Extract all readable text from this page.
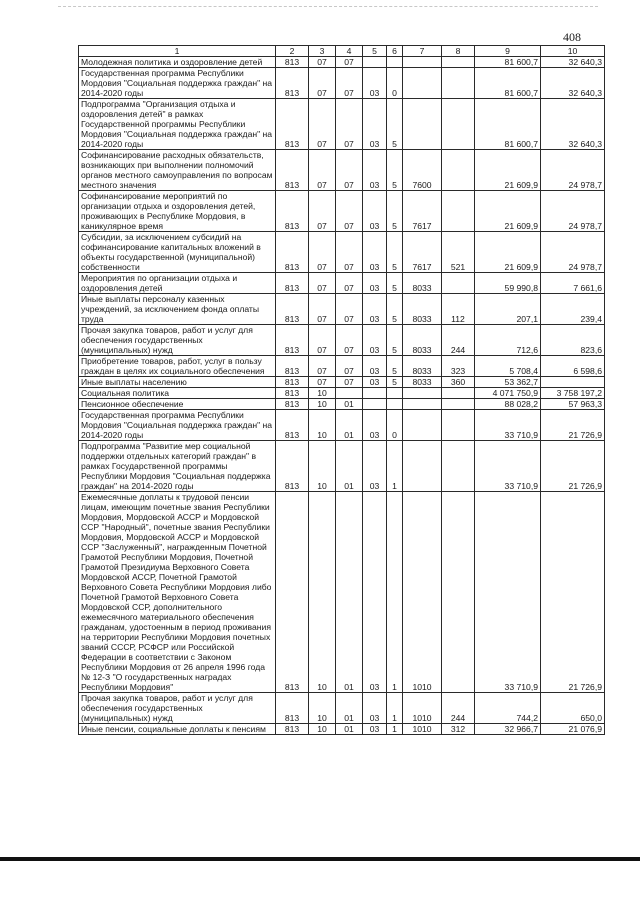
408
1	2	3	4	5	6	7	8	9	10
Молодежная политика и оздоровление детей	813	07	07					81 600,7	32 640,3
Государственная программа Республики Мордовия "Социальная поддержка граждан" на 2014-2020 годы	813	07	07	03	0			81 600,7	32 640,3
Подпрограмма "Организация отдыха и оздоровления детей" в рамках Государственной программы Республики Мордовия "Социальная поддержка граждан" на 2014-2020 годы	813	07	07	03	5			81 600,7	32 640,3
Софинансирование расходных обязательств, возникающих при выполнении полномочий органов местного самоуправления по вопросам местного значения	813	07	07	03	5	7600		21 609,9	24 978,7
Софинансирование мероприятий по организации отдыха и оздоровления детей, проживающих в Республике Мордовия, в каникулярное время	813	07	07	03	5	7617		21 609,9	24 978,7
Субсидии, за исключением субсидий на софинансирование капитальных вложений в объекты государственной (муниципальной) собственности	813	07	07	03	5	7617	521	21 609,9	24 978,7
Мероприятия по организации отдыха и оздоровления детей	813	07	07	03	5	8033		59 990,8	7 661,6
Иные выплаты персоналу казенных учреждений, за исключением фонда оплаты труда	813	07	07	03	5	8033	112	207,1	239,4
Прочая закупка товаров, работ и услуг для обеспечения государственных (муниципальных) нужд	813	07	07	03	5	8033	244	712,6	823,6
Приобретение товаров, работ, услуг в пользу граждан в целях их социального обеспечения	813	07	07	03	5	8033	323	5 708,4	6 598,6
Иные выплаты населению	813	07	07	03	5	8033	360	53 362,7	
Социальная политика	813	10						4 071 750,9	3 758 197,2
Пенсионное обеспечение	813	10	01					88 028,2	57 963,3
Государственная программа Республики Мордовия "Социальная поддержка граждан" на 2014-2020 годы	813	10	01	03	0			33 710,9	21 726,9
Подпрограмма "Развитие мер социальной поддержки отдельных категорий граждан" в рамках Государственной программы Республики Мордовия "Социальная поддержка граждан" на 2014-2020 годы	813	10	01	03	1			33 710,9	21 726,9
Ежемесячные доплаты к трудовой пенсии лицам, имеющим почетные звания Республики Мордовия, Мордовской АССР и Мордовской ССР "Народный", почетные звания Республики Мордовия, Мордовской АССР и Мордовской ССР "Заслуженный", награжденным Почетной Грамотой Республики Мордовия, Почетной Грамотой Президиума Верховного Совета Мордовской АССР, Почетной Грамотой Верховного Совета Республики Мордовия либо Почетной Грамотой Верховного Совета Мордовской ССР, дополнительного ежемесячного материального обеспечения гражданам, удостоенным в период проживания на территории Республики Мордовия почетных званий СССР, РСФСР или Российской Федерации в соответствии с Законом Республики Мордовия от 26 апреля 1996 года № 12-З "О государственных наградах Республики Мордовия"	813	10	01	03	1	1010		33 710,9	21 726,9
Прочая закупка товаров, работ и услуг для обеспечения государственных (муниципальных) нужд	813	10	01	03	1	1010	244	744,2	650,0
Иные пенсии, социальные доплаты к пенсиям	813	10	01	03	1	1010	312	32 966,7	21 076,9
